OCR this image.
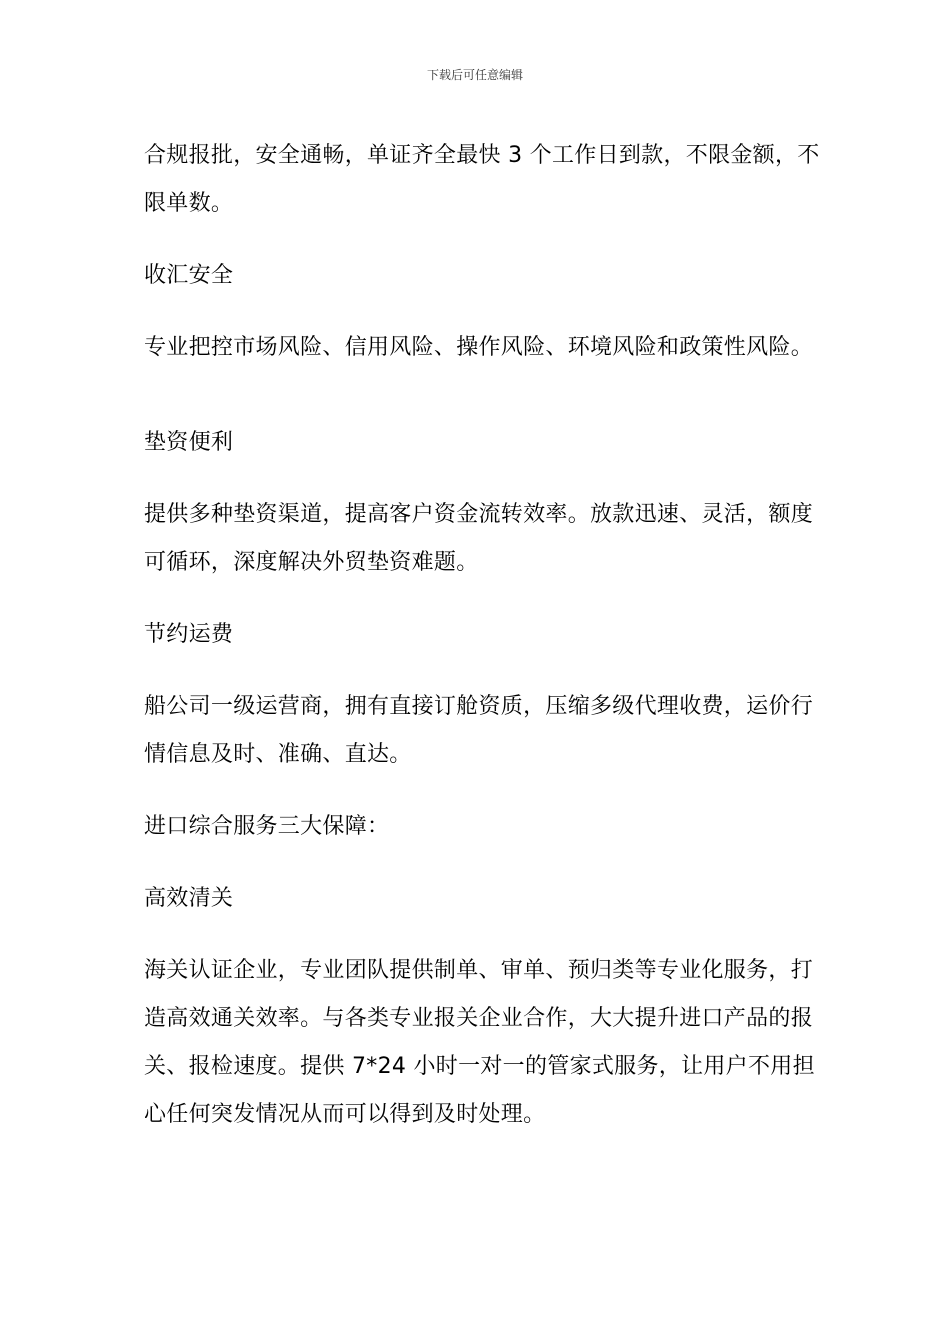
下载后可任意编辑

合规报批，安全通畅，单证齐全最快 3 个工作日到款，不限金额，不限单数。

收汇安全

专业把控市场风险、信用风险、操作风险、环境风险和政策性风险。

垫资便利

提供多种垫资渠道，提高客户资金流转效率。放款迅速、灵活，额度可循环，深度解决外贸垫资难题。

节约运费

船公司一级运营商，拥有直接订舱资质，压缩多级代理收费，运价行情信息及时、准确、直达。

进口综合服务三大保障：

高效清关

海关认证企业，专业团队提供制单、审单、预归类等专业化服务，打造高效通关效率。与各类专业报关企业合作，大大提升进口产品的报关、报检速度。提供 7*24 小时一对一的管家式服务，让用户不用担心任何突发情况从而可以得到及时处理。
